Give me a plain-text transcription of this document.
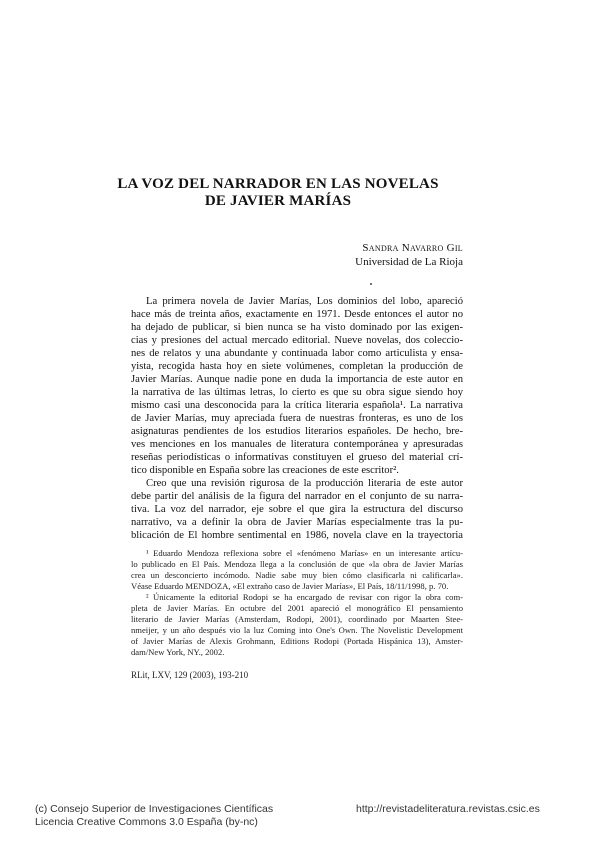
LA VOZ DEL NARRADOR EN LAS NOVELAS
DE JAVIER MARÍAS
Sandra Navarro Gil
Universidad de La Rioja
La primera novela de Javier Marías, Los dominios del lobo, apareció
hace más de treinta años, exactamente en 1971. Desde entonces el autor no
ha dejado de publicar, si bien nunca se ha visto dominado por las exigen-
cias y presiones del actual mercado editorial. Nueve novelas, dos coleccio-
nes de relatos y una abundante y continuada labor como articulista y ensa-
yista, recogida hasta hoy en siete volúmenes, completan la producción de
Javier Marías. Aunque nadie pone en duda la importancia de este autor en
la narrativa de las últimas letras, lo cierto es que su obra sigue siendo hoy
mismo casi una desconocida para la crítica literaria española¹. La narrativa
de Javier Marías, muy apreciada fuera de nuestras fronteras, es uno de los
asignaturas pendientes de los estudios literarios españoles. De hecho, bre-
ves menciones en los manuales de literatura contemporánea y apresuradas
reseñas periodísticas o informativas constituyen el grueso del material crí-
tico disponible en España sobre las creaciones de este escritor².
Creo que una revisión rigurosa de la producción literaria de este autor
debe partir del análisis de la figura del narrador en el conjunto de su narra-
tiva. La voz del narrador, eje sobre el que gira la estructura del discurso
narrativo, va a definir la obra de Javier Marías especialmente tras la pu-
blicación de El hombre sentimental en 1986, novela clave en la trayectoria
¹ Eduardo Mendoza reflexiona sobre el «fenómeno Marías» en un interesante artícu-
lo publicado en El País. Mendoza llega a la conclusión de que «la obra de Javier Marías
crea un desconcierto incómodo. Nadie sabe muy bien cómo clasificarla ni calificarla».
Véase Eduardo MENDOZA, «El extraño caso de Javier Marías», El País, 18/11/1998, p. 70.
² Únicamente la editorial Rodopi se ha encargado de revisar con rigor la obra com-
pleta de Javier Marías. En octubre del 2001 apareció el monográfico El pensamiento
literario de Javier Marías (Amsterdam, Rodopi, 2001), coordinado por Maarten Stee-
nmeijer, y un año después vio la luz Coming into One's Own. The Novelistic Development
of Javier Marías de Alexis Grohmann, Editions Rodopi (Portada Hispánica 13), Amster-
dam/New York, NY., 2002.
RLit, LXV, 129 (2003), 193-210
(c) Consejo Superior de Investigaciones Científicas
Licencia Creative Commons 3.0 España (by-nc)
http://revistadeliteratura.revistas.csic.es
